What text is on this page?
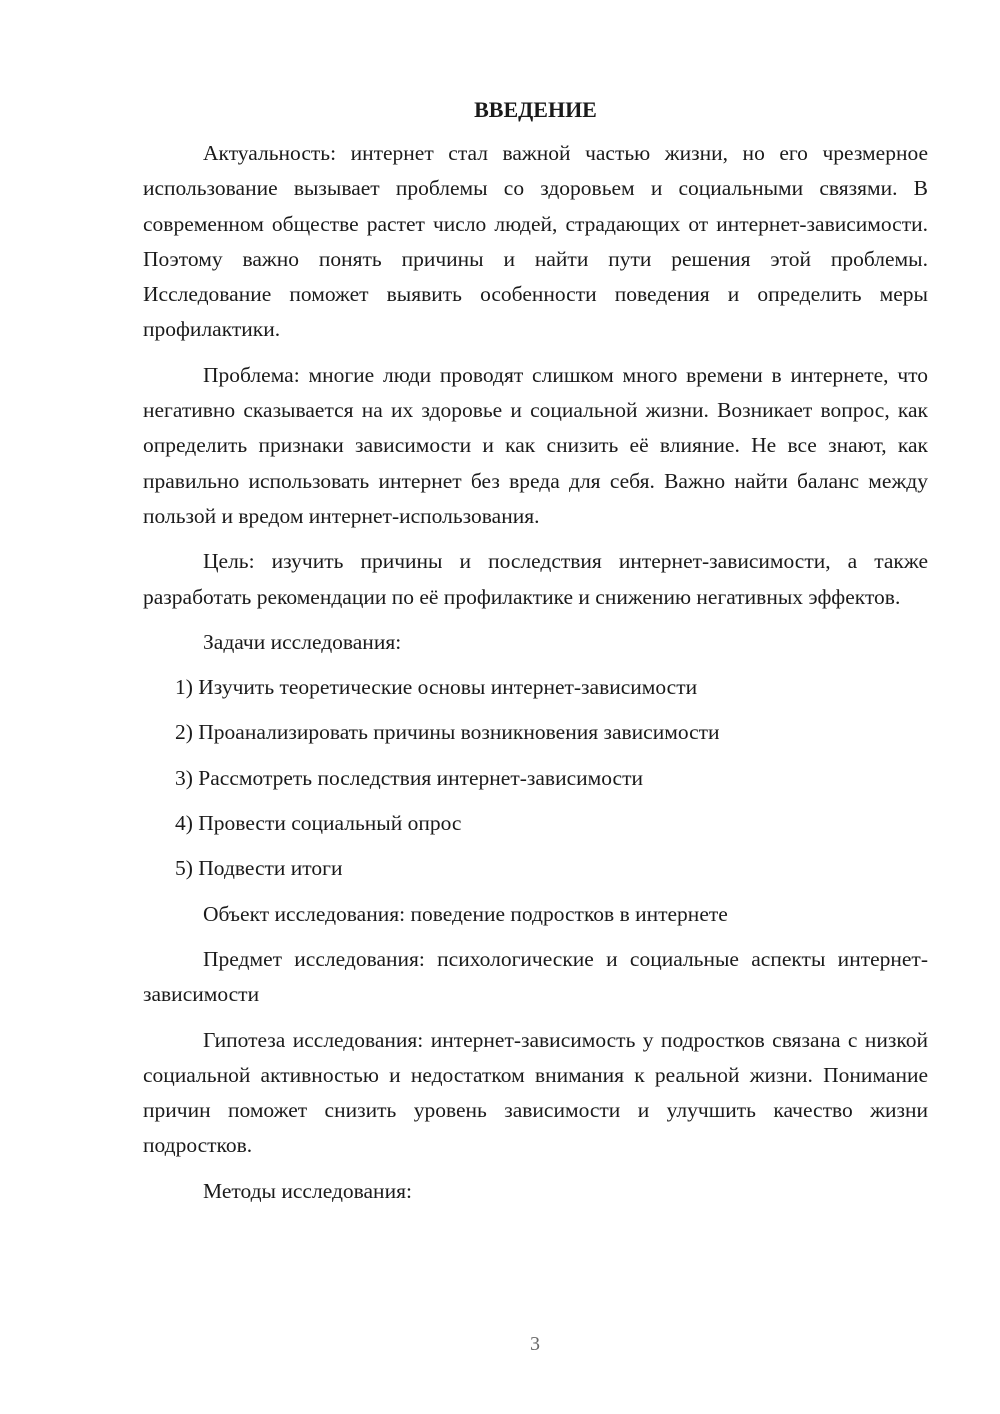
ВВЕДЕНИЕ

Актуальность: интернет стал важной частью жизни, но его чрезмерное использование вызывает проблемы со здоровьем и социальными связями. В современном обществе растет число людей, страдающих от интернет-зависимости. Поэтому важно понять причины и найти пути решения этой проблемы. Исследование поможет выявить особенности поведения и определить меры профилактики.

Проблема: многие люди проводят слишком много времени в интернете, что негативно сказывается на их здоровье и социальной жизни. Возникает вопрос, как определить признаки зависимости и как снизить её влияние. Не все знают, как правильно использовать интернет без вреда для себя. Важно найти баланс между пользой и вредом интернет-использования.

Цель: изучить причины и последствия интернет-зависимости, а также разработать рекомендации по её профилактике и снижению негативных эффектов.

Задачи исследования:

1) Изучить теоретические основы интернет-зависимости
2) Проанализировать причины возникновения зависимости
3) Рассмотреть последствия интернет-зависимости
4) Провести социальный опрос
5) Подвести итоги

Объект исследования: поведение подростков в интернете

Предмет исследования: психологические и социальные аспекты интернет-зависимости

Гипотеза исследования: интернет-зависимость у подростков связана с низкой социальной активностью и недостатком внимания к реальной жизни. Понимание причин поможет снизить уровень зависимости и улучшить качество жизни подростков.

Методы исследования:

3
